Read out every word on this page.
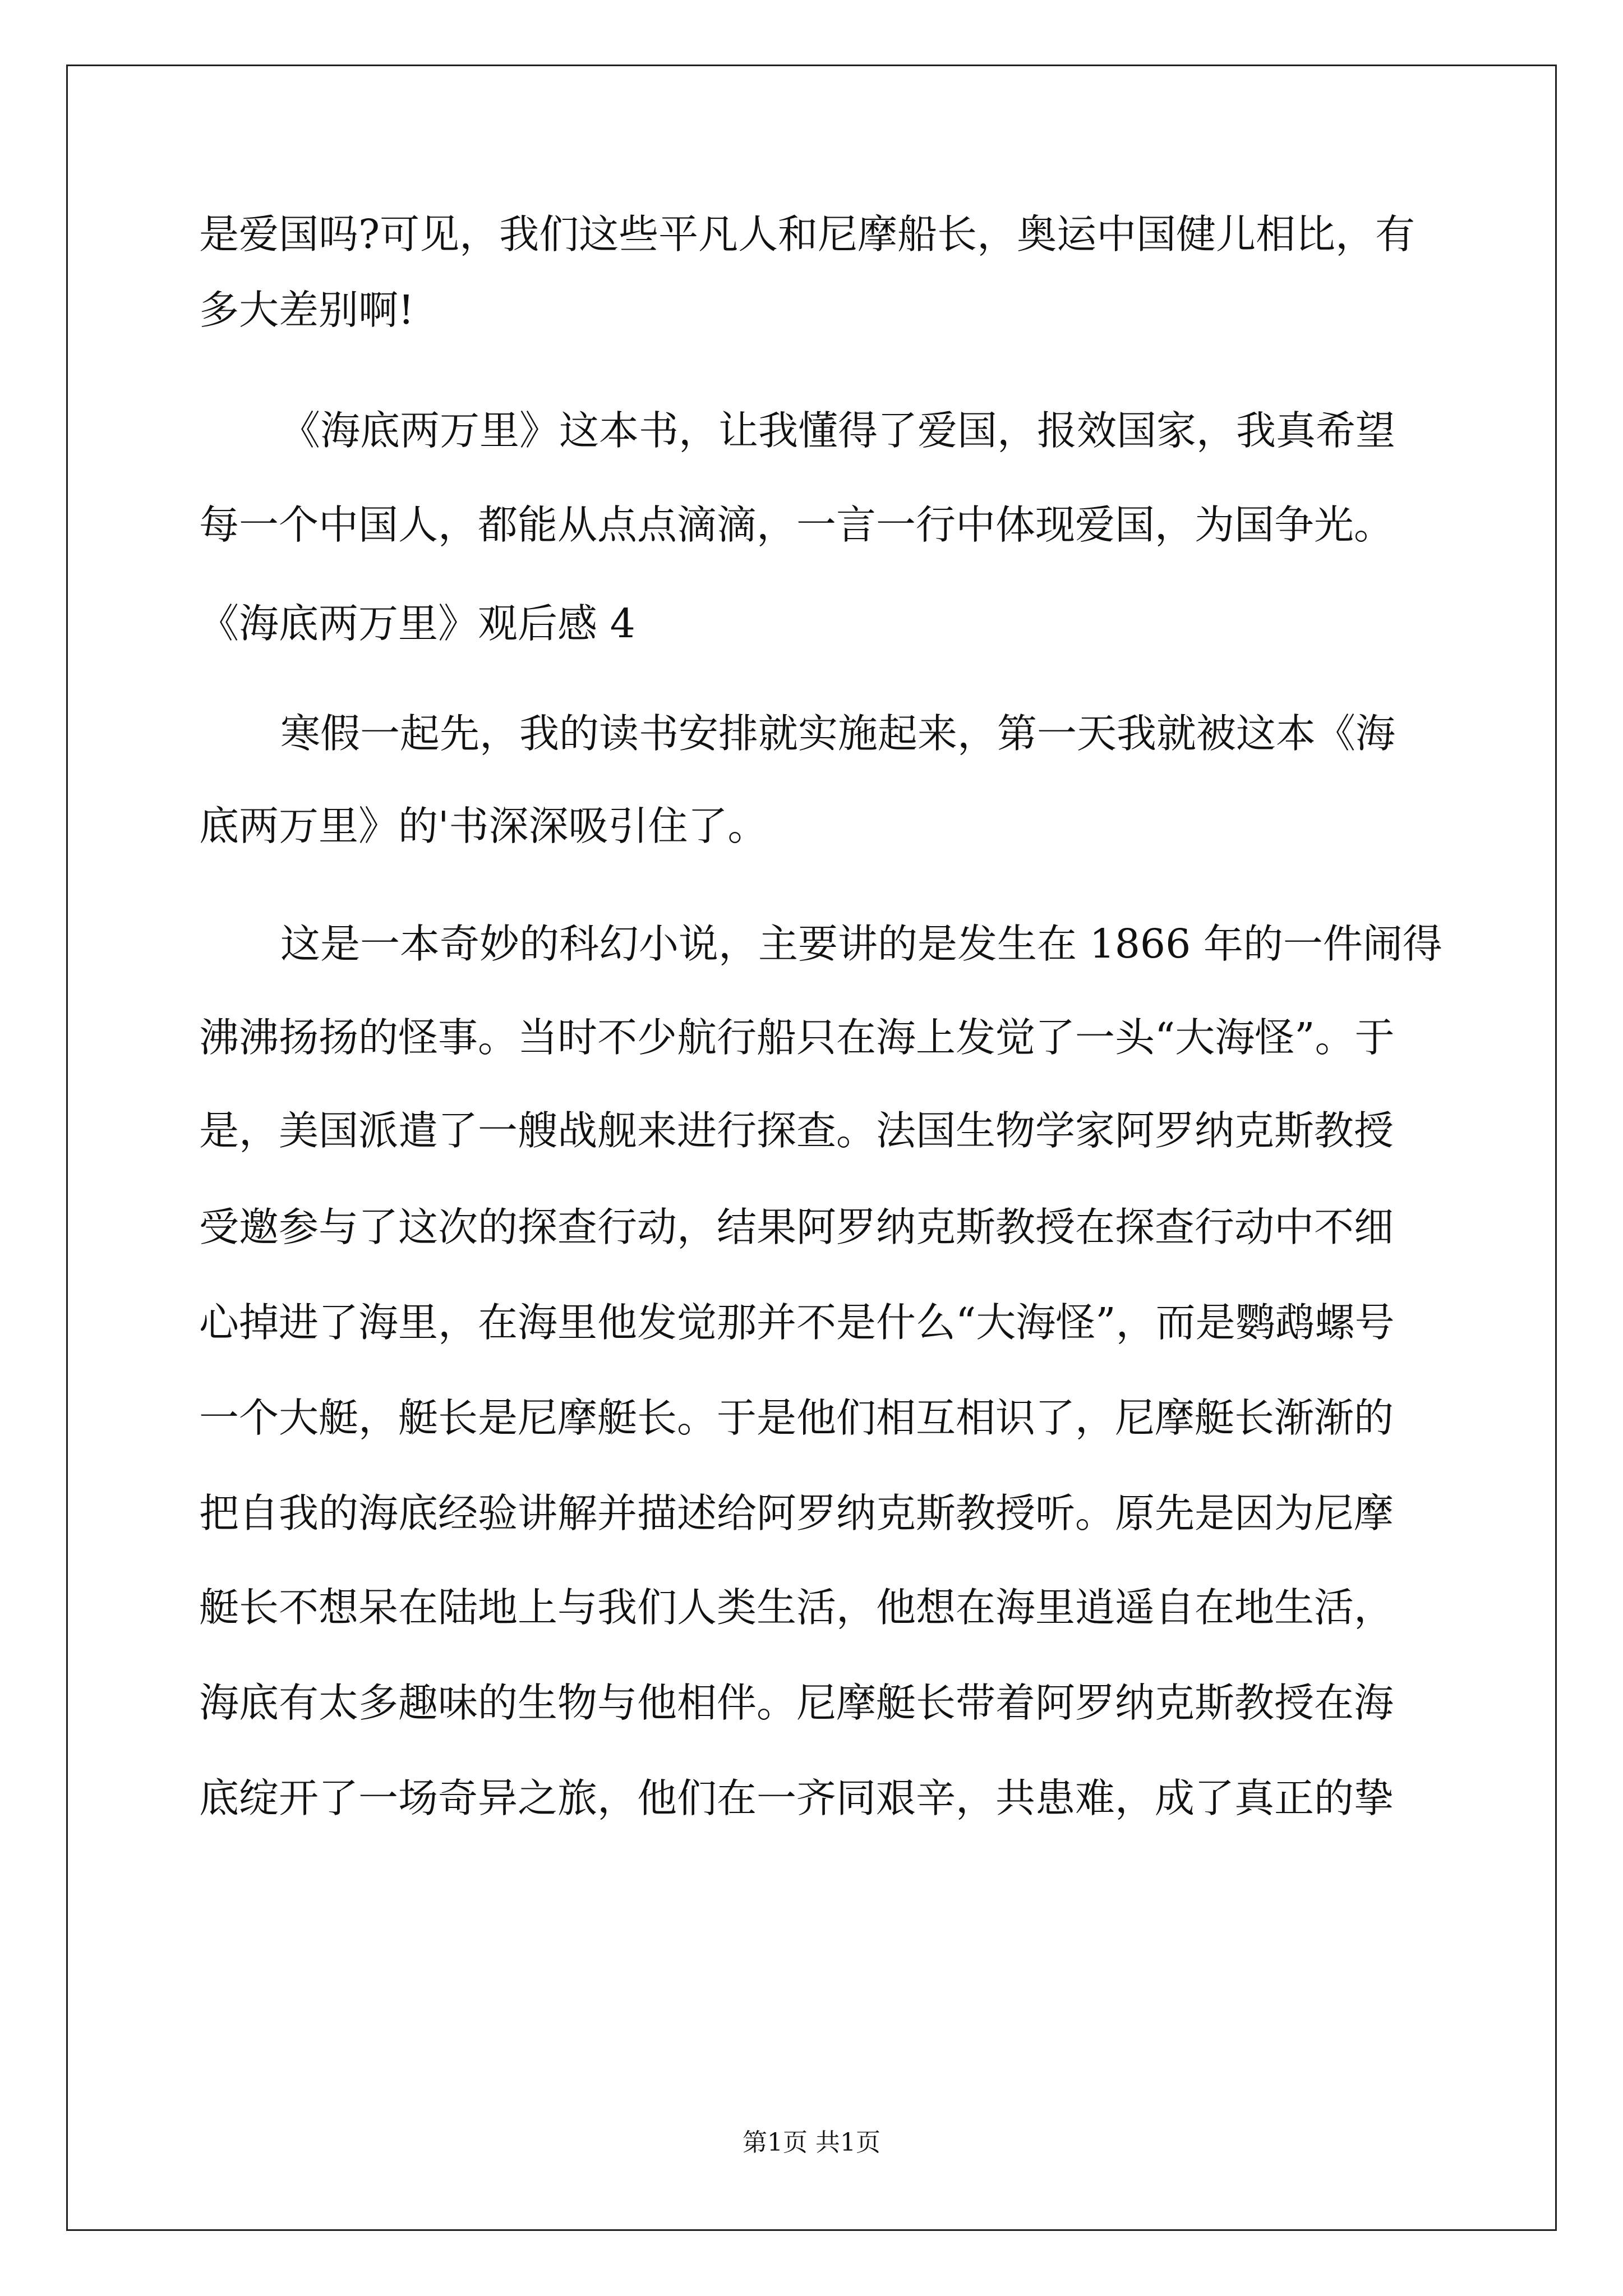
是爱国吗?可见，我们这些平凡人和尼摩船长，奥运中国健儿相比，有
多大差别啊!
《海底两万里》这本书，让我懂得了爱国，报效国家，我真希望
每一个中国人，都能从点点滴滴，一言一行中体现爱国，为国争光。
《海底两万里》观后感 4
寒假一起先，我的读书安排就实施起来，第一天我就被这本《海
底两万里》的'书深深吸引住了。
这是一本奇妙的科幻小说，主要讲的是发生在 1866 年的一件闹得
沸沸扬扬的怪事。当时不少航行船只在海上发觉了一头“大海怪”。于
是，美国派遣了一艘战舰来进行探查。法国生物学家阿罗纳克斯教授
受邀参与了这次的探查行动，结果阿罗纳克斯教授在探查行动中不细
心掉进了海里，在海里他发觉那并不是什么“大海怪”，而是鹦鹉螺号
一个大艇，艇长是尼摩艇长。于是他们相互相识了，尼摩艇长渐渐的
把自我的海底经验讲解并描述给阿罗纳克斯教授听。原先是因为尼摩
艇长不想呆在陆地上与我们人类生活，他想在海里逍遥自在地生活，
海底有太多趣味的生物与他相伴。尼摩艇长带着阿罗纳克斯教授在海
底绽开了一场奇异之旅，他们在一齐同艰辛，共患难，成了真正的挚
第1页 共1页
